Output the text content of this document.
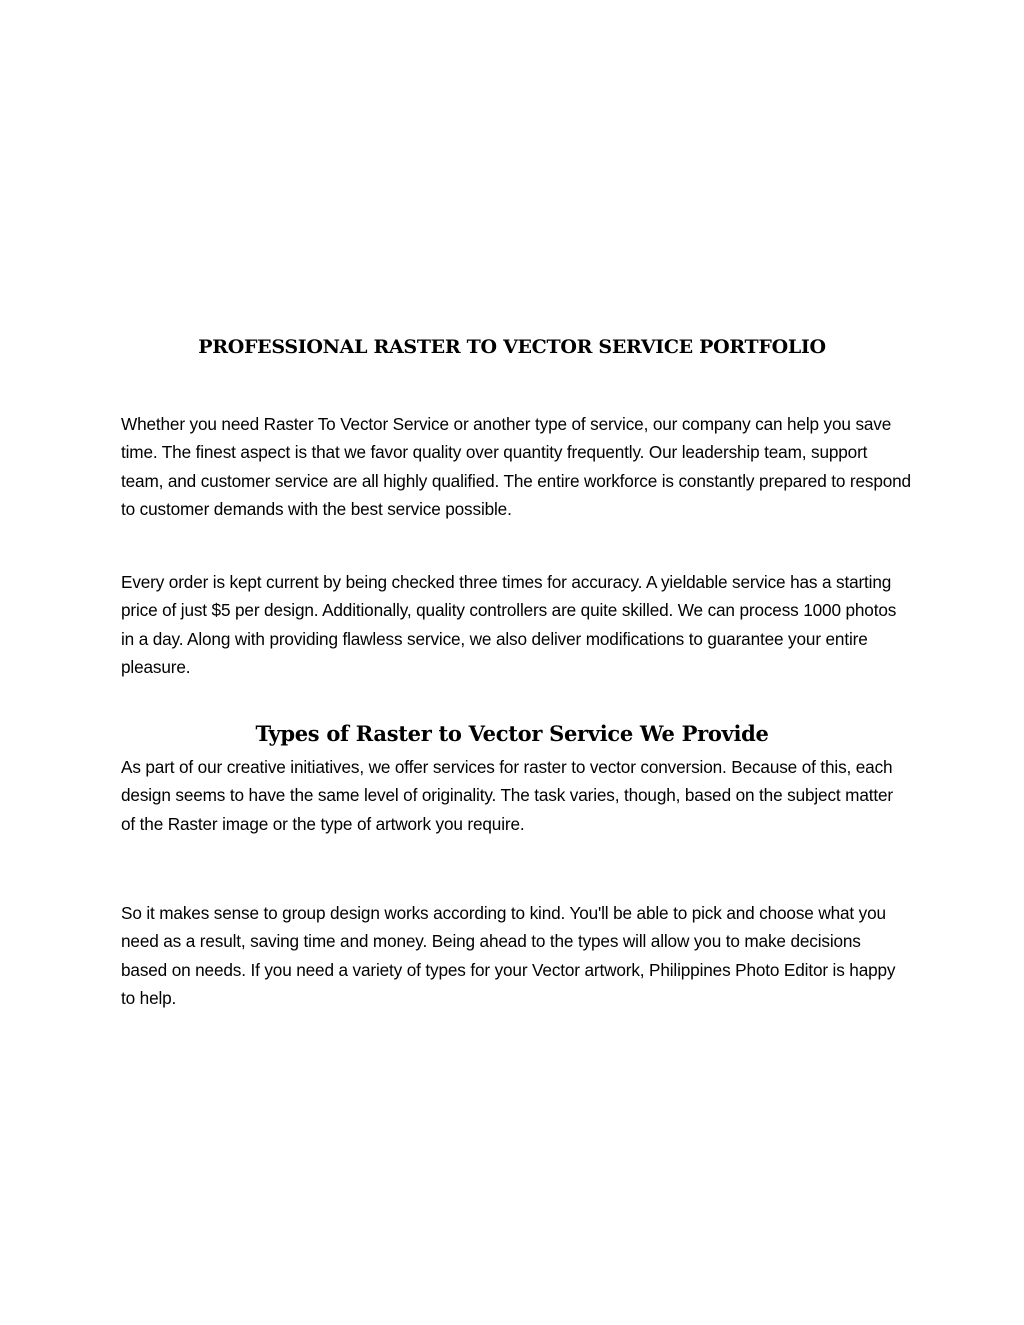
PROFESSIONAL RASTER TO VECTOR SERVICE PORTFOLIO

Whether you need Raster To Vector Service or another type of service, our company can help you save time. The finest aspect is that we favor quality over quantity frequently. Our leadership team, support team, and customer service are all highly qualified. The entire workforce is constantly prepared to respond to customer demands with the best service possible.

Every order is kept current by being checked three times for accuracy. A yieldable service has a starting price of just $5 per design. Additionally, quality controllers are quite skilled. We can process 1000 photos in a day. Along with providing flawless service, we also deliver modifications to guarantee your entire pleasure.

Types of Raster to Vector Service We Provide

As part of our creative initiatives, we offer services for raster to vector conversion. Because of this, each design seems to have the same level of originality. The task varies, though, based on the subject matter of the Raster image or the type of artwork you require.

So it makes sense to group design works according to kind. You'll be able to pick and choose what you need as a result, saving time and money. Being ahead to the types will allow you to make decisions based on needs. If you need a variety of types for your Vector artwork, Philippines Photo Editor is happy to help.
